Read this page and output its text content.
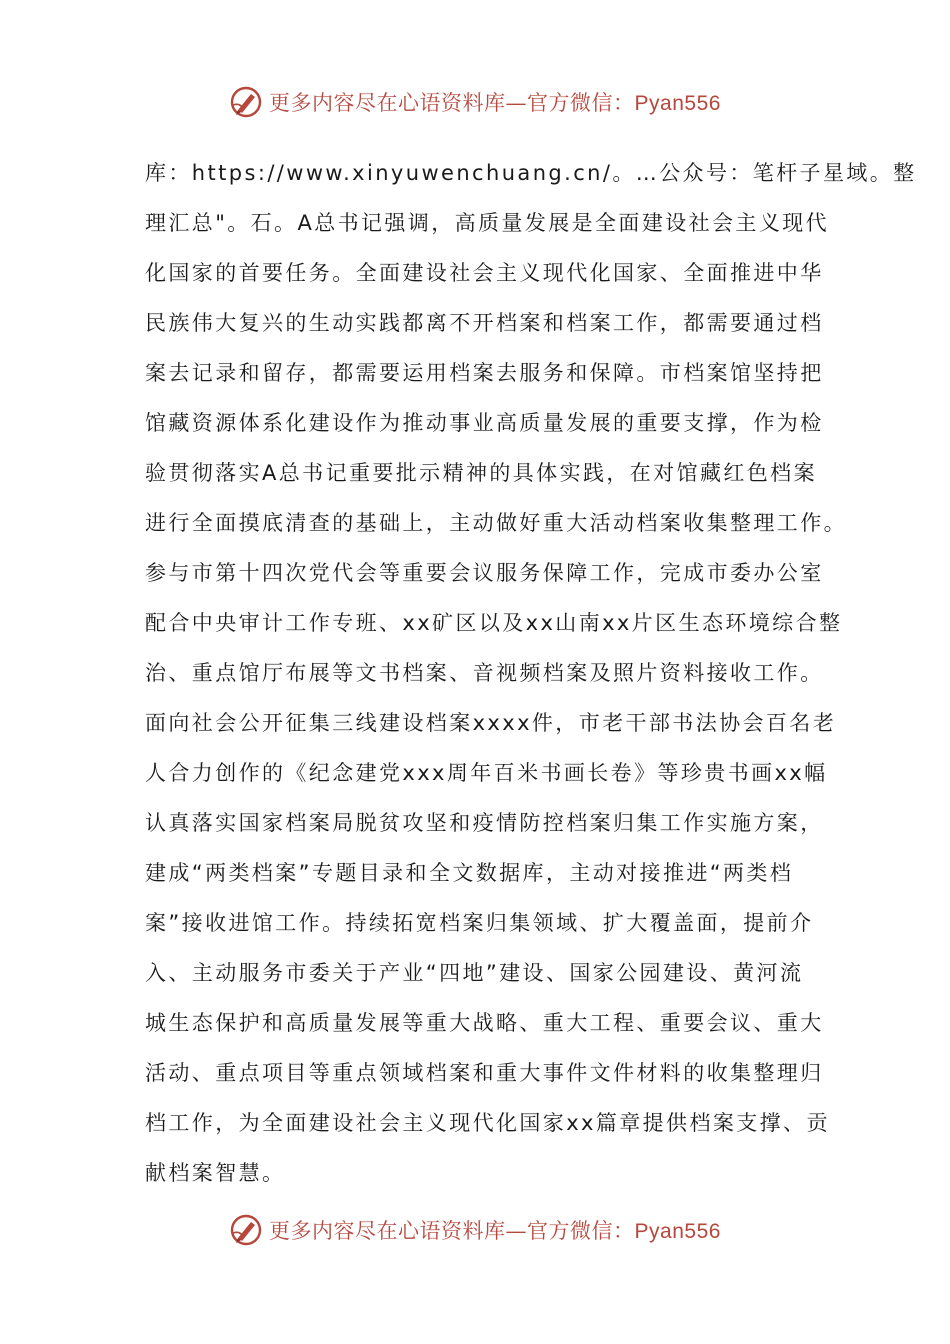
更多内容尽在心语资料库—官方微信：Pyan556
库：https://www.xinyuwenchuang.cn/。…公众号：笔杆子星域。整
理汇总"。石。A总书记强调，高质量发展是全面建设社会主义现代
化国家的首要任务。全面建设社会主义现代化国家、全面推进中华
民族伟大复兴的生动实践都离不开档案和档案工作，都需要通过档
案去记录和留存，都需要运用档案去服务和保障。市档案馆坚持把
馆藏资源体系化建设作为推动事业高质量发展的重要支撑，作为检
验贯彻落实A总书记重要批示精神的具体实践，在对馆藏红色档案
进行全面摸底清查的基础上，主动做好重大活动档案收集整理工作。
参与市第十四次党代会等重要会议服务保障工作，完成市委办公室
配合中央审计工作专班、xx矿区以及xx山南xx片区生态环境综合整
治、重点馆厅布展等文书档案、音视频档案及照片资料接收工作。
面向社会公开征集三线建设档案xxxx件，市老干部书法协会百名老
人合力创作的《纪念建党xxx周年百米书画长卷》等珍贵书画xx幅
认真落实国家档案局脱贫攻坚和疫情防控档案归集工作实施方案，
建成“两类档案”专题目录和全文数据库，主动对接推进“两类档
案”接收进馆工作。持续拓宽档案归集领域、扩大覆盖面，提前介
入、主动服务市委关于产业“四地”建设、国家公园建设、黄河流
城生态保护和高质量发展等重大战略、重大工程、重要会议、重大
活动、重点项目等重点领域档案和重大事件文件材料的收集整理归
档工作，为全面建设社会主义现代化国家xx篇章提供档案支撑、贡
献档案智慧。
更多内容尽在心语资料库—官方微信：Pyan556
